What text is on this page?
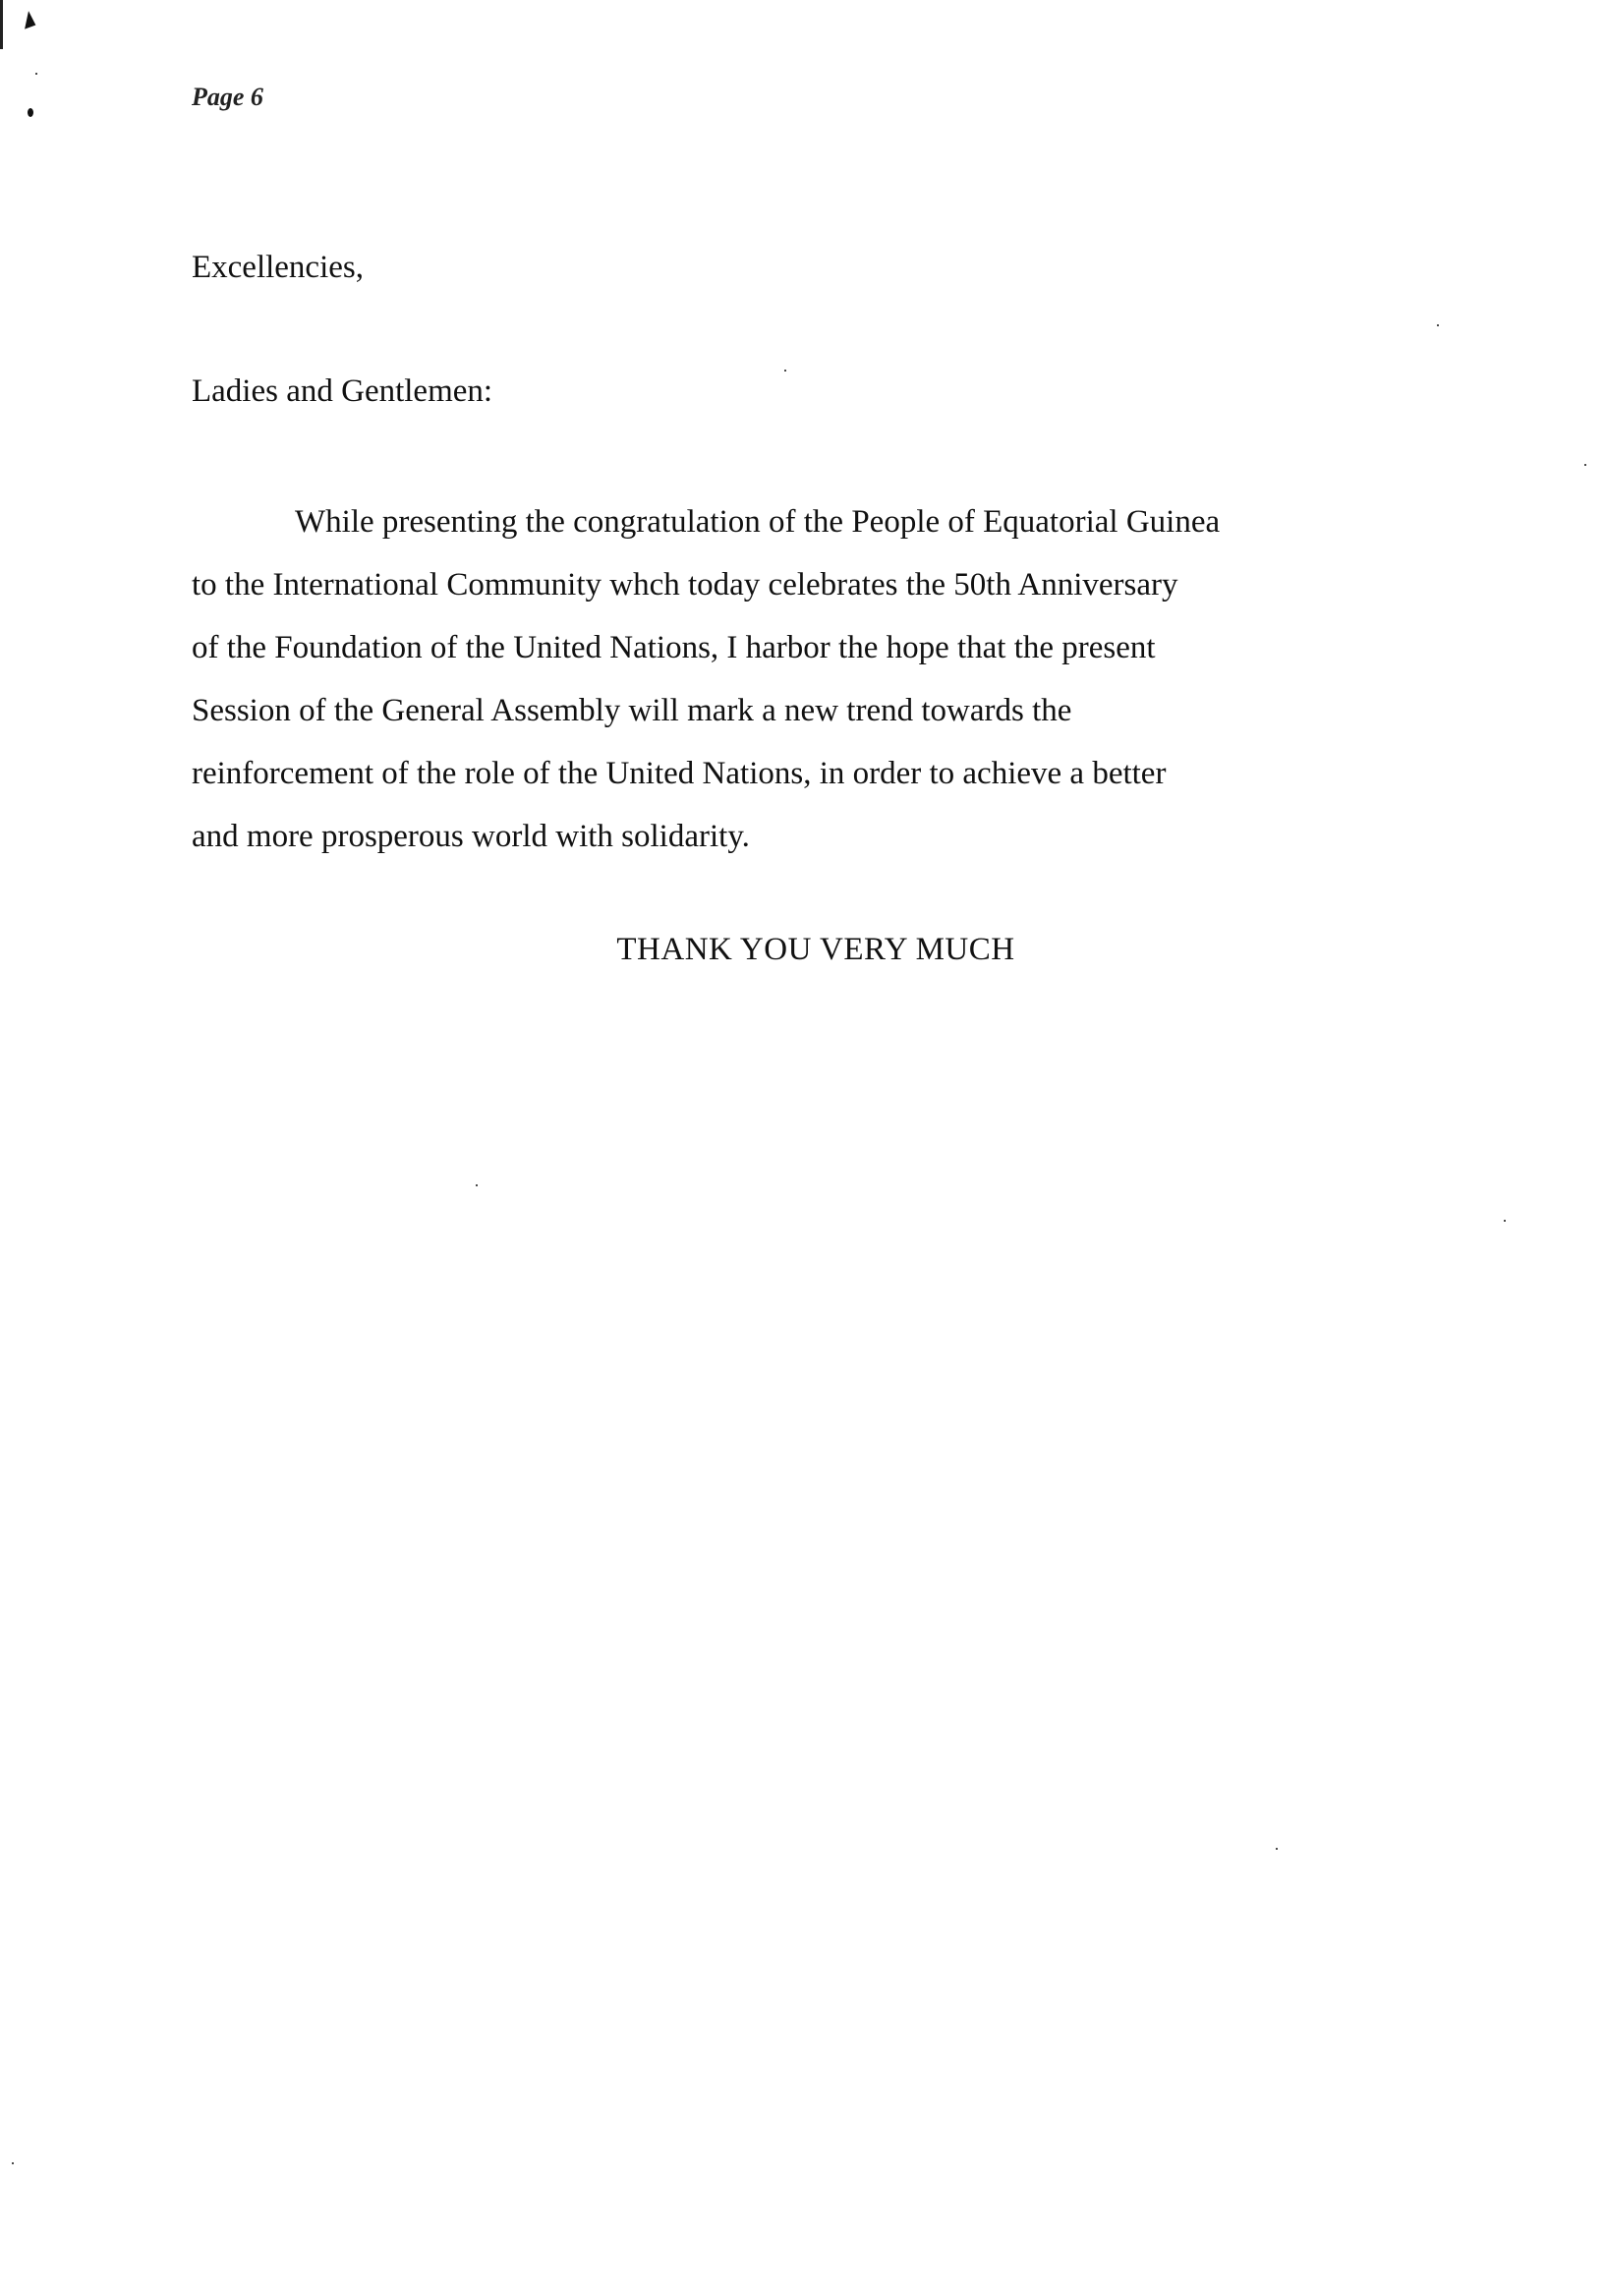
Page 6
Excellencies,
Ladies and Gentlemen:
While presenting the congratulation of the People of Equatorial Guinea
to the International Community whch today celebrates the 50th Anniversary
of the Foundation of the United Nations, I harbor the hope that the present
Session of the General Assembly will mark a new trend towards the
reinforcement of the role of the United Nations, in order to achieve a better
and more prosperous world with solidarity.
THANK YOU VERY MUCH
